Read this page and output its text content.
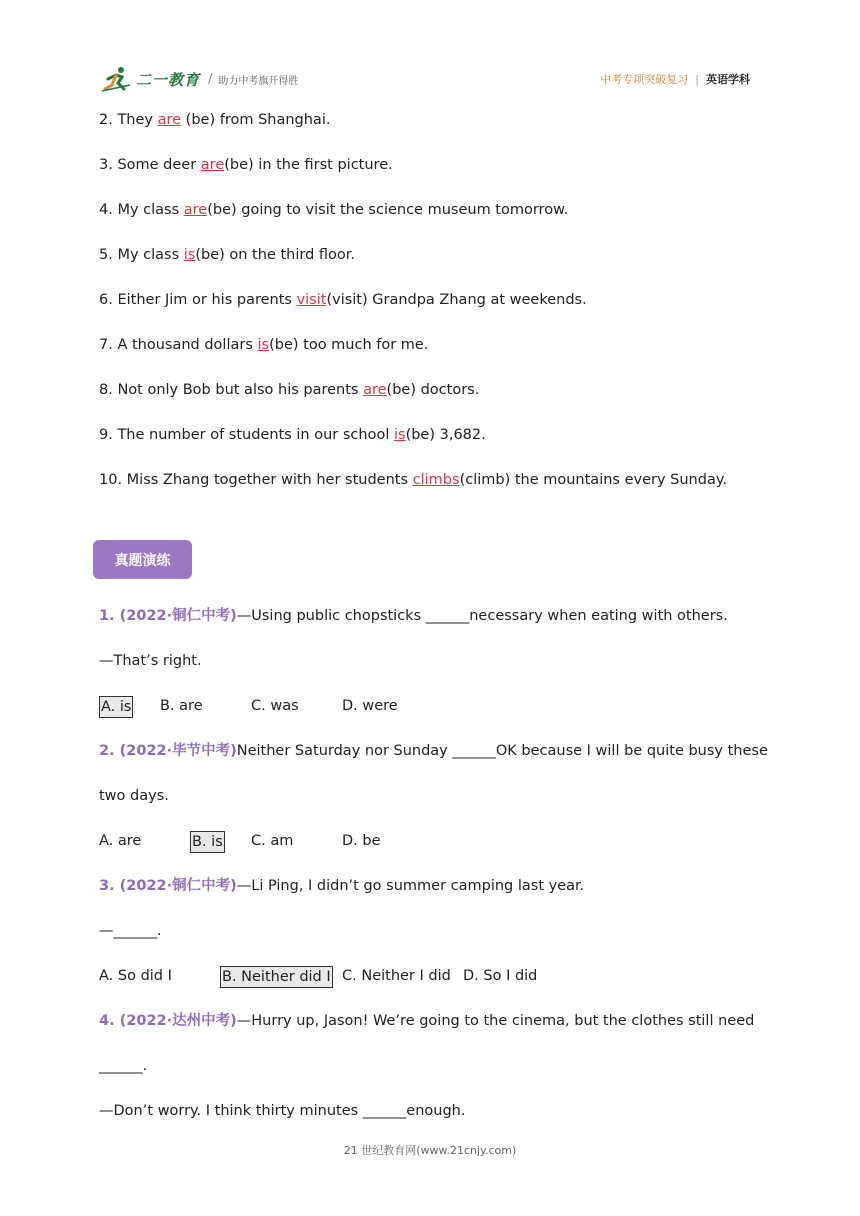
二一教育 / 助力中考旗开得胜	中考专项突破复习 | 英语学科
2. They are (be) from Shanghai.
3. Some deer are(be) in the first picture.
4. My class are(be) going to visit the science museum tomorrow.
5. My class is(be) on the third floor.
6. Either Jim or his parents visit(visit) Grandpa Zhang at weekends.
7. A thousand dollars is(be) too much for me.
8. Not only Bob but also his parents are(be) doctors.
9. The number of students in our school is(be) 3,682.
10. Miss Zhang together with her students climbs(climb) the mountains every Sunday.
真题演练
1. (2022·铜仁中考)—Using public chopsticks ______necessary when eating with others.
—That’s right.
A. is B. are	C. was	D. were
2. (2022·毕节中考)Neither Saturday nor Sunday ______OK because I will be quite busy these
two days.
A. are	B. is C. am	D. be
3. (2022·铜仁中考)—Li Ping, I didn’t go summer camping last year.
—______.
A. So did I	B. Neither did I C. Neither I did D. So I did
4. (2022·达州中考)—Hurry up, Jason! We’re going to the cinema, but the clothes still need
______.
—Don’t worry. I think thirty minutes ______enough.
21 世纪教育网(www.21cnjy.com)
